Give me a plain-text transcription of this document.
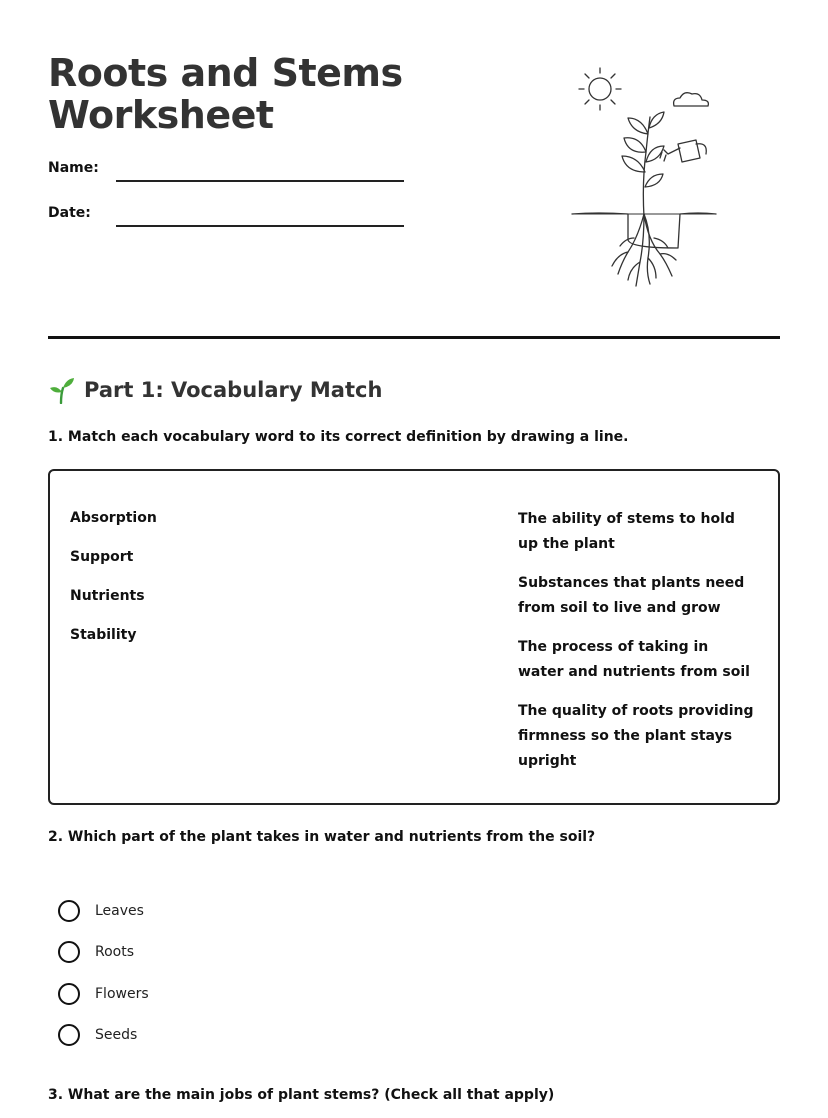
Roots and Stems Worksheet
Name:
Date:
Part 1: Vocabulary Match
1. Match each vocabulary word to its correct definition by drawing a line.
Absorption
Support
Nutrients
Stability
The ability of stems to hold up the plant
Substances that plants need from soil to live and grow
The process of taking in water and nutrients from soil
The quality of roots providing firmness so the plant stays upright
2. Which part of the plant takes in water and nutrients from the soil?
Leaves
Roots
Flowers
Seeds
3. What are the main jobs of plant stems? (Check all that apply)
